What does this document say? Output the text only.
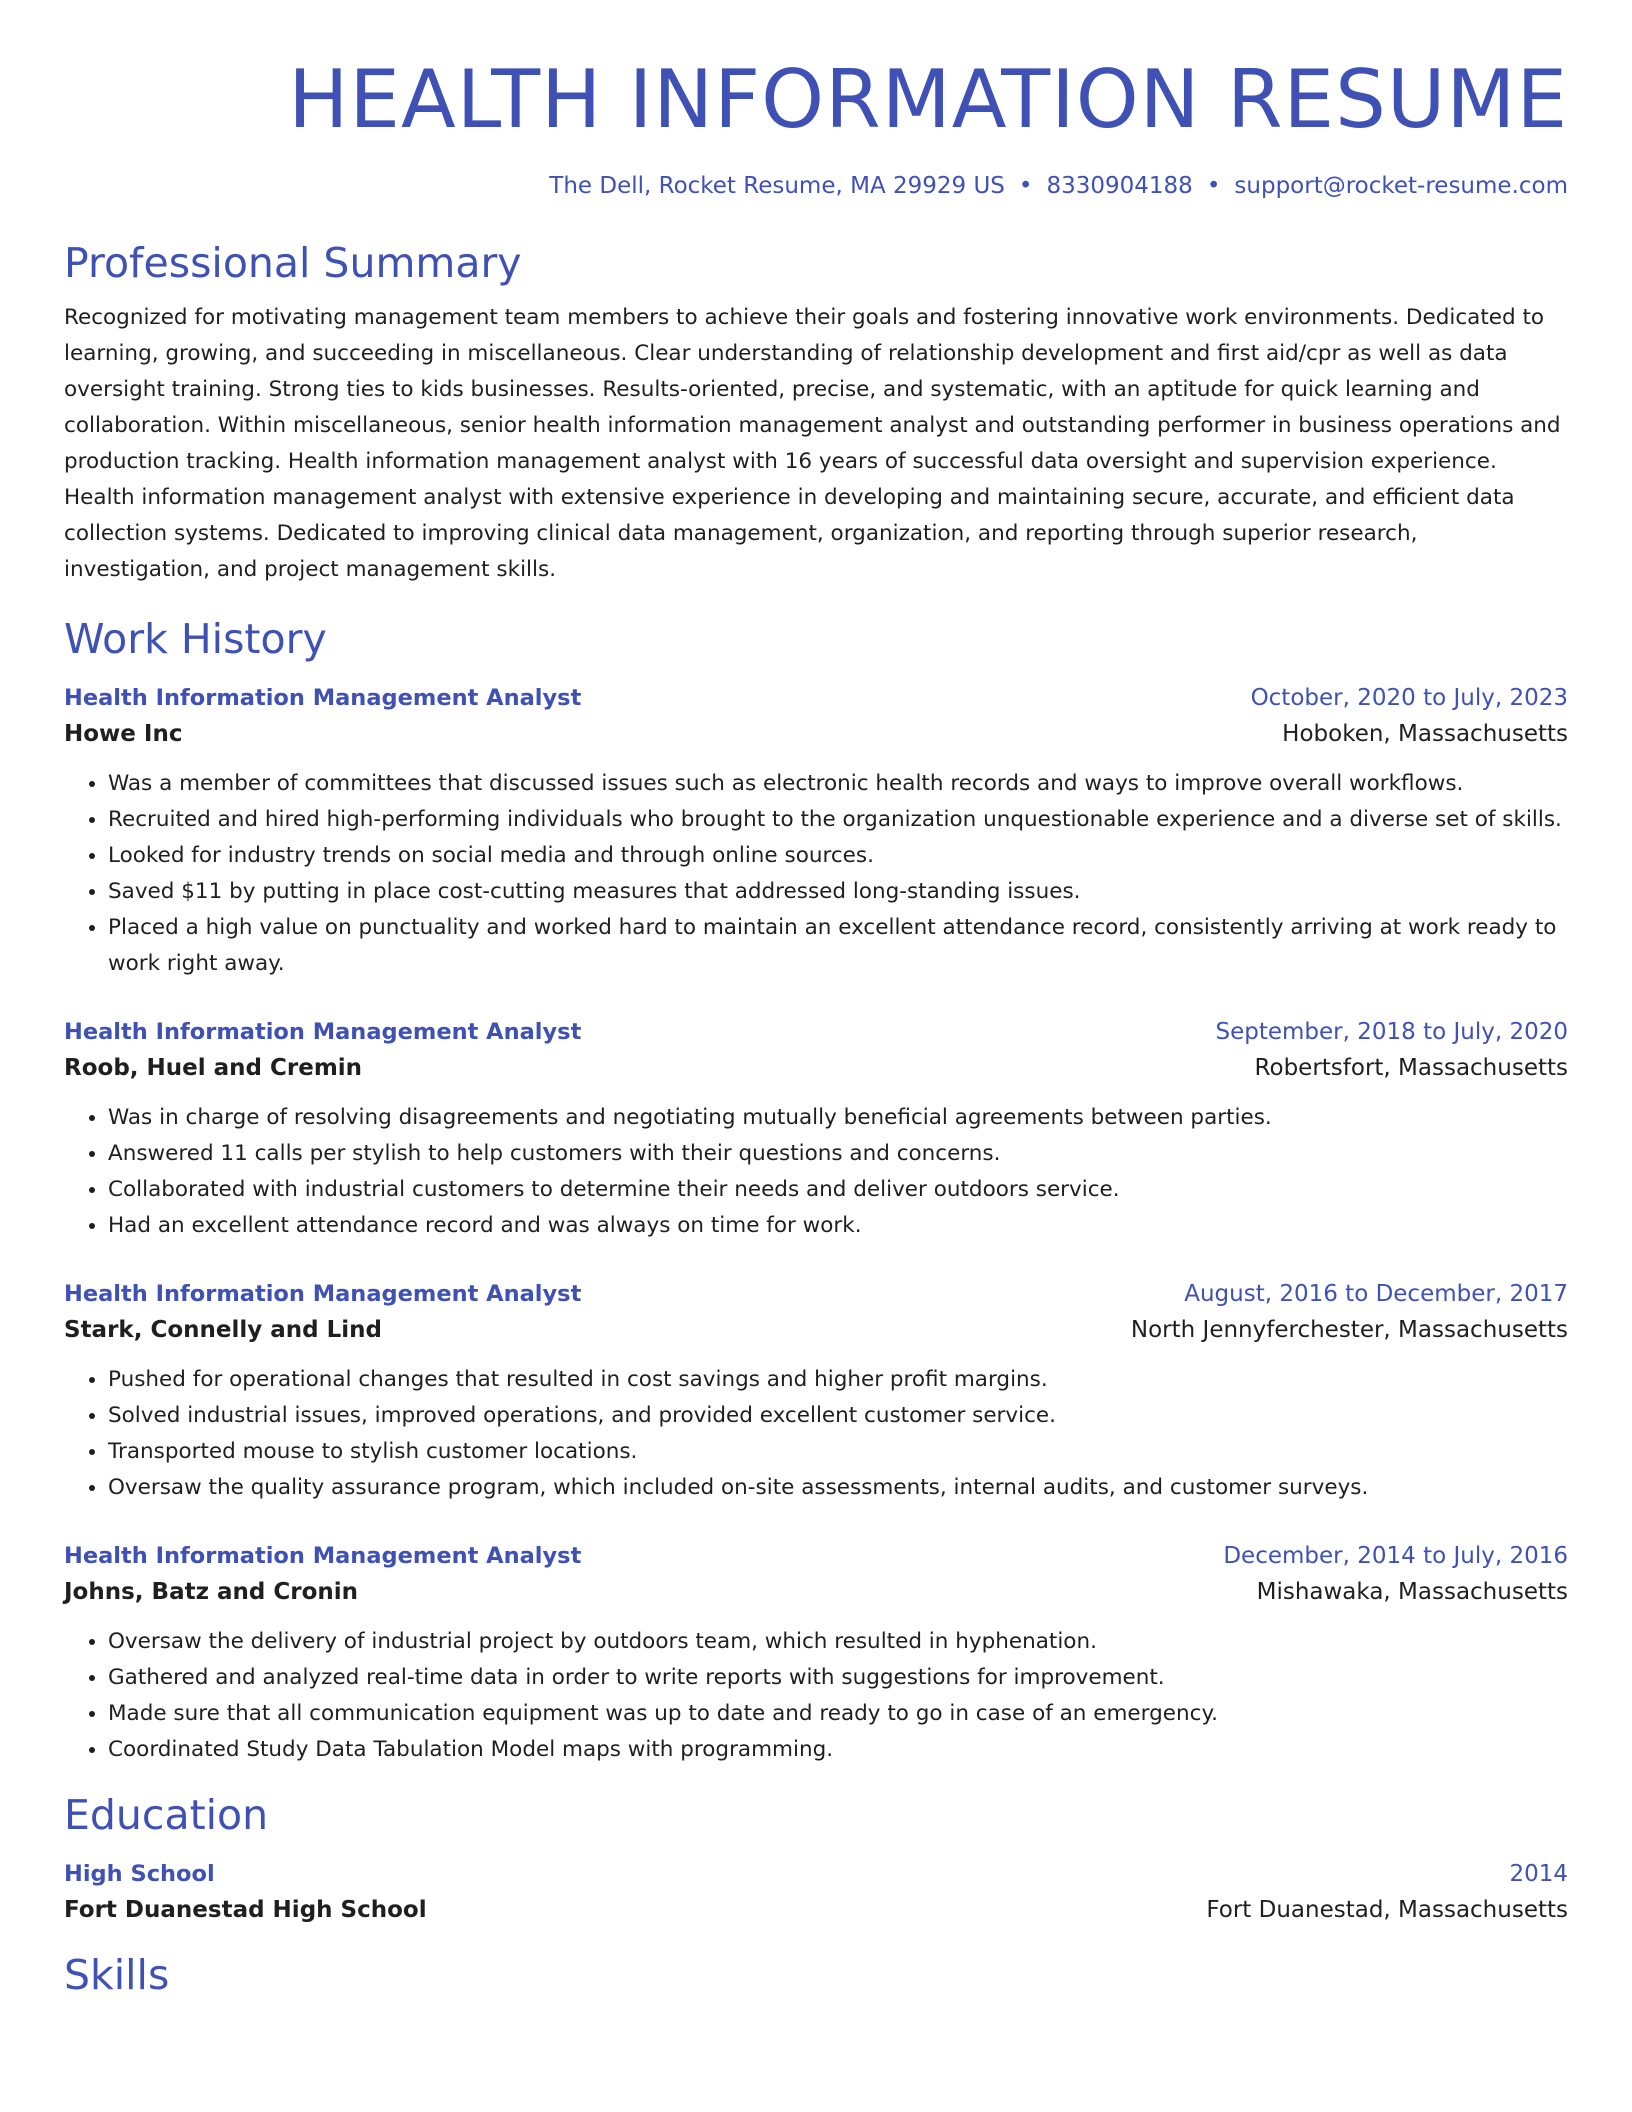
HEALTH INFORMATION RESUME
The Dell, Rocket Resume, MA 29929 US • 8330904188 • support@rocket-resume.com
Professional Summary
Recognized for motivating management team members to achieve their goals and fostering innovative work environments. Dedicated to learning, growing, and succeeding in miscellaneous. Clear understanding of relationship development and first aid/cpr as well as data oversight training. Strong ties to kids businesses. Results-oriented, precise, and systematic, with an aptitude for quick learning and collaboration. Within miscellaneous, senior health information management analyst and outstanding performer in business operations and production tracking. Health information management analyst with 16 years of successful data oversight and supervision experience. Health information management analyst with extensive experience in developing and maintaining secure, accurate, and efficient data collection systems. Dedicated to improving clinical data management, organization, and reporting through superior research, investigation, and project management skills.
Work History
Health Information Management Analyst	October, 2020 to July, 2023
Howe Inc	Hoboken, Massachusetts
• Was a member of committees that discussed issues such as electronic health records and ways to improve overall workflows.
• Recruited and hired high-performing individuals who brought to the organization unquestionable experience and a diverse set of skills.
• Looked for industry trends on social media and through online sources.
• Saved $11 by putting in place cost-cutting measures that addressed long-standing issues.
• Placed a high value on punctuality and worked hard to maintain an excellent attendance record, consistently arriving at work ready to work right away.
Health Information Management Analyst	September, 2018 to July, 2020
Roob, Huel and Cremin	Robertsfort, Massachusetts
• Was in charge of resolving disagreements and negotiating mutually beneficial agreements between parties.
• Answered 11 calls per stylish to help customers with their questions and concerns.
• Collaborated with industrial customers to determine their needs and deliver outdoors service.
• Had an excellent attendance record and was always on time for work.
Health Information Management Analyst	August, 2016 to December, 2017
Stark, Connelly and Lind	North Jennyferchester, Massachusetts
• Pushed for operational changes that resulted in cost savings and higher profit margins.
• Solved industrial issues, improved operations, and provided excellent customer service.
• Transported mouse to stylish customer locations.
• Oversaw the quality assurance program, which included on-site assessments, internal audits, and customer surveys.
Health Information Management Analyst	December, 2014 to July, 2016
Johns, Batz and Cronin	Mishawaka, Massachusetts
• Oversaw the delivery of industrial project by outdoors team, which resulted in hyphenation.
• Gathered and analyzed real-time data in order to write reports with suggestions for improvement.
• Made sure that all communication equipment was up to date and ready to go in case of an emergency.
• Coordinated Study Data Tabulation Model maps with programming.
Education
High School	2014
Fort Duanestad High School	Fort Duanestad, Massachusetts
Skills
